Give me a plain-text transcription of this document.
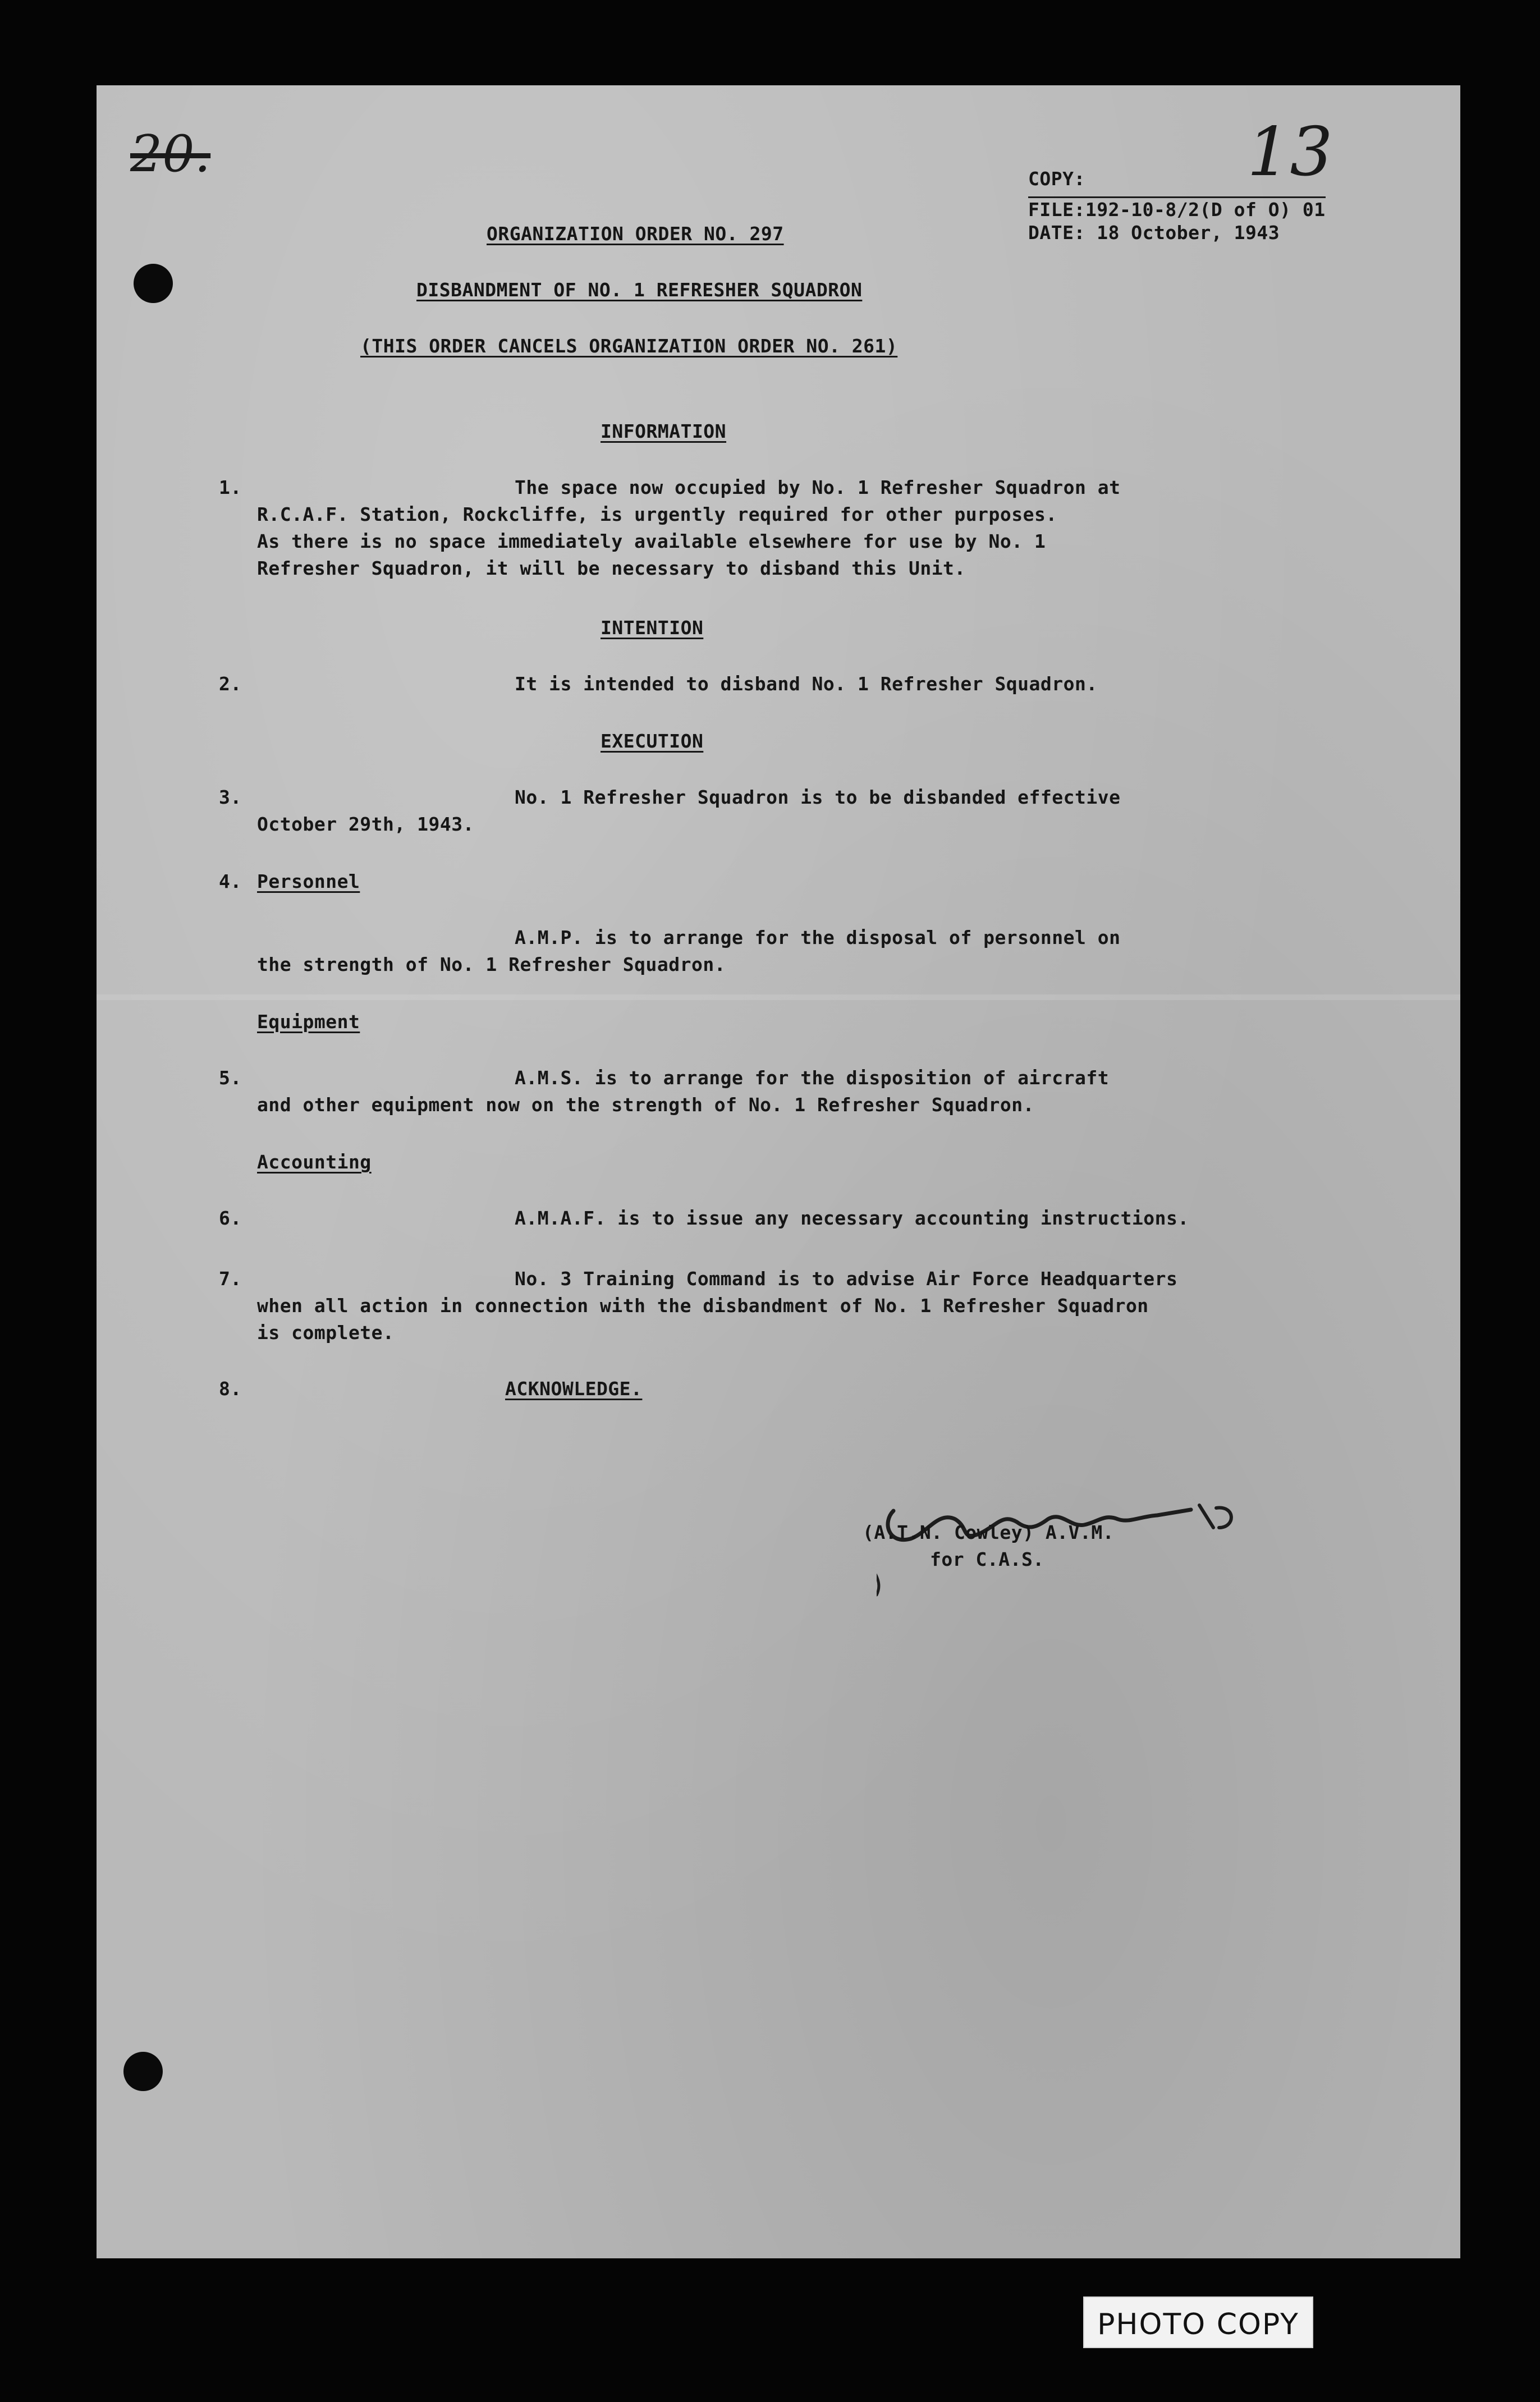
20.	13
COPY:
FILE:192-10-8/2(D of O) 01
DATE: 18 October, 1943
ORGANIZATION ORDER NO. 297
DISBANDMENT OF NO. 1 REFRESHER SQUADRON
(THIS ORDER CANCELS ORGANIZATION ORDER NO. 261)
INFORMATION
1.	The space now occupied by No. 1 Refresher Squadron at
R.C.A.F. Station, Rockcliffe, is urgently required for other purposes.
As there is no space immediately available elsewhere for use by No. 1
Refresher Squadron, it will be necessary to disband this Unit.
INTENTION
2.	It is intended to disband No. 1 Refresher Squadron.
EXECUTION
3.	No. 1 Refresher Squadron is to be disbanded effective
October 29th, 1943.
4. Personnel
A.M.P. is to arrange for the disposal of personnel on
the strength of No. 1 Refresher Squadron.
Equipment
5.	A.M.S. is to arrange for the disposition of aircraft
and other equipment now on the strength of No. 1 Refresher Squadron.
Accounting
6.	A.M.A.F. is to issue any necessary accounting instructions.
7.	No. 3 Training Command is to advise Air Force Headquarters
when all action in connection with the disbandment of No. 1 Refresher Squadron
is complete.
8.	ACKNOWLEDGE.
(A.T.N. Cowley) A.V.M.
for C.A.S.
PHOTO COPY
